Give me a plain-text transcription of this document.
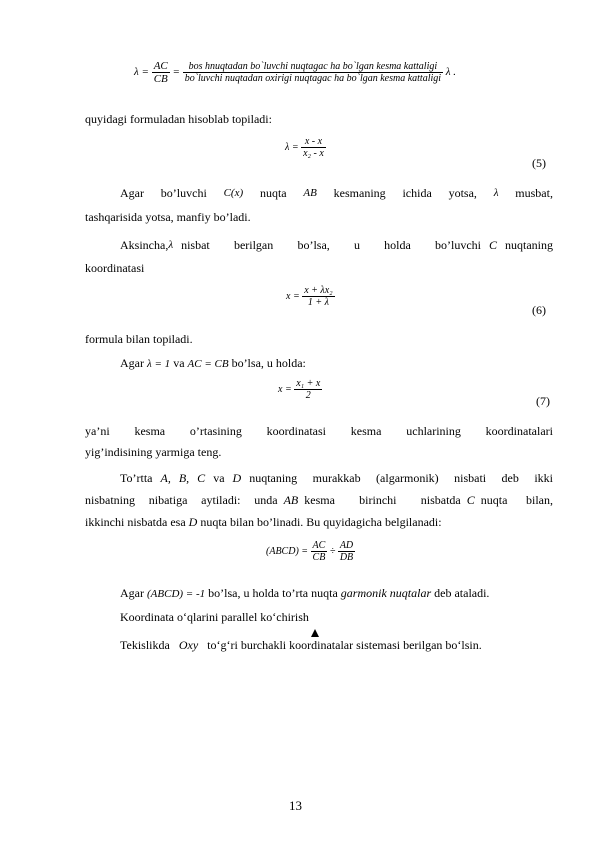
$\lambda = \frac{AC}{CB}$ = bos hnuqtadan bo`luvchi nuqtagac ha bo`lgan kesma kattaligi
bo`luvchi nuqtadan oxirigi nuqtagac ha bo`lgan kesma kattaligi
λ .
quyidagi formuladan hisoblab topiladi:
$\lambda = \frac{x - x}{\text{x₂ - x}}$
(5)
Agar bo’luvchi C(x) nuqta AB kesmaning ichida yotsa, λ musbat,
tashqarisida yotsa, manfiy bo’ladi.
Aksincha, λ nisbat berilgan bo’lsa, u holda bo’luvchi C nuqtaning
koordinatasi
$x = \frac{\text{x + λx₂}}{1 + \lambda}$
(6)
formula bilan topiladi.
Agar λ = 1 va AC = CB bo’lsa, u holda:
$x = \frac{\text{x₁ + x}}{2}$	(7)
ya’ni kesma o’rtasining koordinatasi kesma uchlarining koordinatalari
yig’indisining yarmiga teng.
To’rtta A, B, C va D nuqtaning murakkab (algarmonik) nisbati deb ikki
nisbatning nibatiga aytiladi: unda AB kesma birinchi nisbatda C nuqta bilan,
ikkinchi nisbatda esa D nuqta bilan bo’linadi. Bu quyidagicha belgilanadi:
(ABCD) = $\frac{AC}{CB} \div \frac{AD}{DB}$
Agar (ABCD) = -1 bo’lsa, u holda to’rta nuqta garmonik nuqtalar deb ataladi.
Koordinata o‘qlarini parallel ko‘chirish
Tekislikda Oxy to‘g‘ri burchakli koordinatalar sistemasi berilgan bo‘lsin.
13
